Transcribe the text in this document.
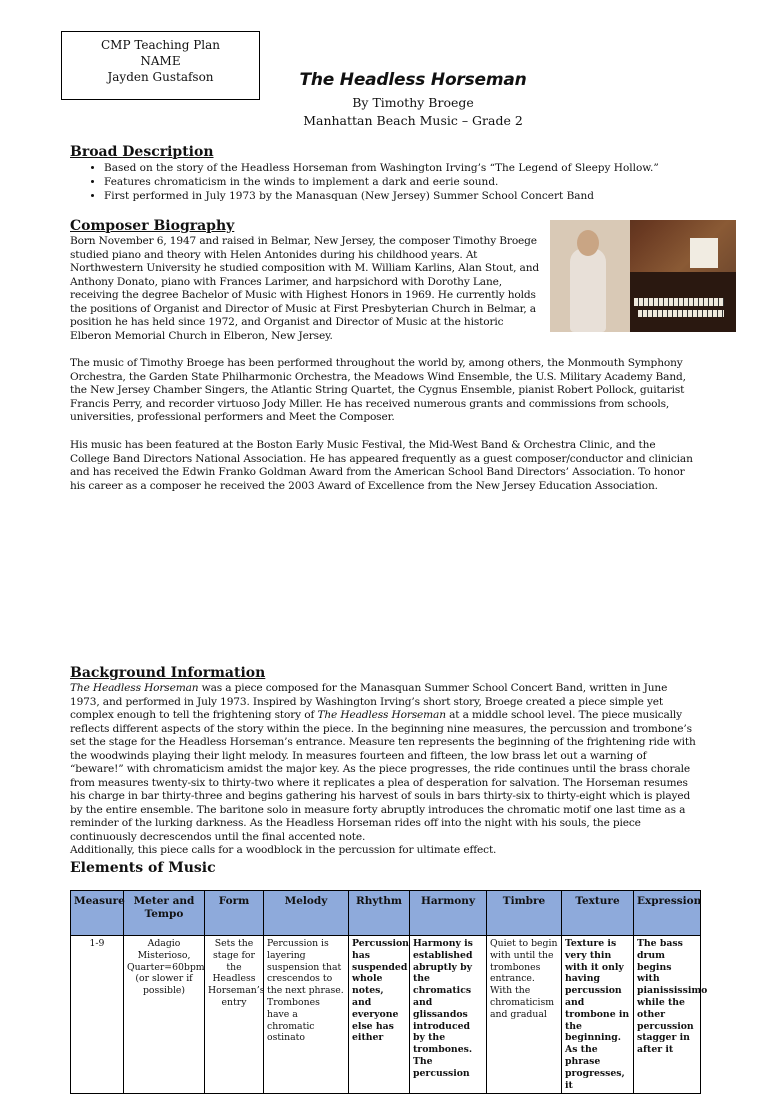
CMP Teaching Plan
NAME
Jayden Gustafson	The Headless Horseman
By Timothy Broege
Manhattan Beach Music – Grade 2
Broad Description
• Based on the story of the Headless Horseman from Washington Irving’s “The Legend of Sleepy Hollow.”
• Features chromaticism in the winds to implement a dark and eerie sound.
• First performed in July 1973 by the Manasquan (New Jersey) Summer School Concert Band
Composer Biography

Born November 6, 1947 and raised in Belmar, New Jersey, the composer Timothy Broege studied piano and theory with Helen Antonides during his childhood years. At Northwestern University he studied composition with M. William Karlins, Alan Stout, and Anthony Donato, piano with Frances Larimer, and harpsichord with Dorothy Lane, receiving the degree Bachelor of Music with Highest Honors in 1969. He currently holds the positions of Organist and Director of Music at First Presbyterian Church in Belmar, a position he has held since 1972, and Organist and Director of Music at the historic Elberon Memorial Church in Elberon, New Jersey.

The music of Timothy Broege has been performed throughout the world by, among others, the Monmouth Symphony Orchestra, the Garden State Philharmonic Orchestra, the Meadows Wind Ensemble, the U.S. Military Academy Band, the New Jersey Chamber Singers, the Atlantic String Quartet, the Cygnus Ensemble, pianist Robert Pollock, guitarist Francis Perry, and recorder virtuoso Jody Miller. He has received numerous grants and commissions from schools, universities, professional performers and Meet the Composer.

His music has been featured at the Boston Early Music Festival, the Mid-West Band & Orchestra Clinic, and the College Band Directors National Association. He has appeared frequently as a guest composer/conductor and clinician and has received the Edwin Franko Goldman Award from the American School Band Directors’ Association. To honor his career as a composer he received the 2003 Award of Excellence from the New Jersey Education Association.

Background Information

The Headless Horseman was a piece composed for the Manasquan Summer School Concert Band, written in June 1973, and performed in July 1973. Inspired by Washington Irving’s short story, Broege created a piece simple yet complex enough to tell the frightening story of The Headless Horseman at a middle school level. The piece musically reflects different aspects of the story within the piece. In the beginning nine measures, the percussion and trombone’s set the stage for the Headless Horseman’s entrance. Measure ten represents the beginning of the frightening ride with the woodwinds playing their light melody. In measures fourteen and fifteen, the low brass let out a warning of “beware!” with chromaticism amidst the major key. As the piece progresses, the ride continues until the brass chorale from measures twenty-six to thirty-two where it replicates a plea of desperation for salvation. The Horseman resumes his charge in bar thirty-three and begins gathering his harvest of souls in bars thirty-six to thirty-eight which is played by the entire ensemble. The baritone solo in measure forty abruptly introduces the chromatic motif one last time as a reminder of the lurking darkness. As the Headless Horseman rides off into the night with his souls, the piece continuously decrescendos until the final accented note.
Additionally, this piece calls for a woodblock in the percussion for ultimate effect.

Elements of Music
Measure	Meter and Tempo	Form	Melody	Rhythm	Harmony	Timbre	Texture	Expression
1-9	Adagio Misterioso, Quarter=60bpm (or slower if possible)	Sets the stage for the Headless Horseman’s entry	Percussion is layering suspension that crescendos to the next phrase. Trombones have a chromatic ostinato	Percussion has suspended whole notes, and everyone else has either	Harmony is established abruptly by the chromatics and glissandos introduced by the trombones. The percussion	Quiet to begin with until the trombones entrance. With the chromaticism and gradual	Texture is very thin with it only having percussion and trombone in the beginning. As the phrase progresses, it	The bass drum begins with pianississimo while the other percussion stagger in after it
